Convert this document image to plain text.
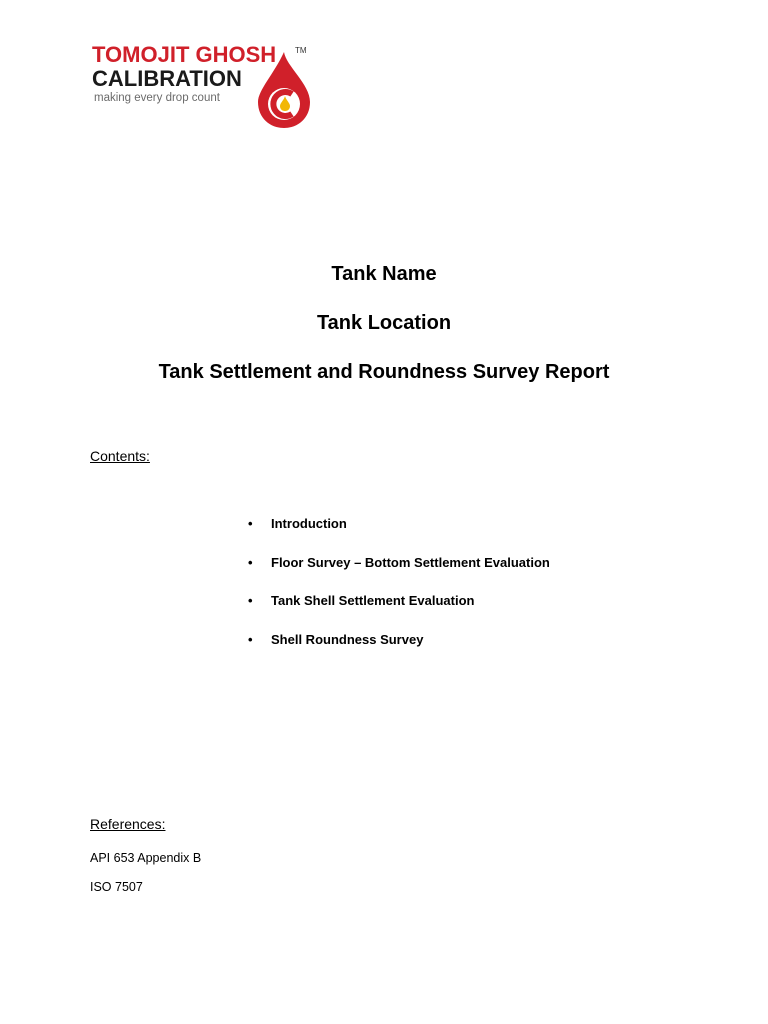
TOMOJIT GHOSH
CALIBRATION
making every drop count
TM
Tank Name
Tank Location
Tank Settlement and Roundness Survey Report
Contents:
•	Introduction
•	Floor Survey – Bottom Settlement Evaluation
•	Tank Shell Settlement Evaluation
•	Shell Roundness Survey
References:
API 653 Appendix B
ISO 7507
